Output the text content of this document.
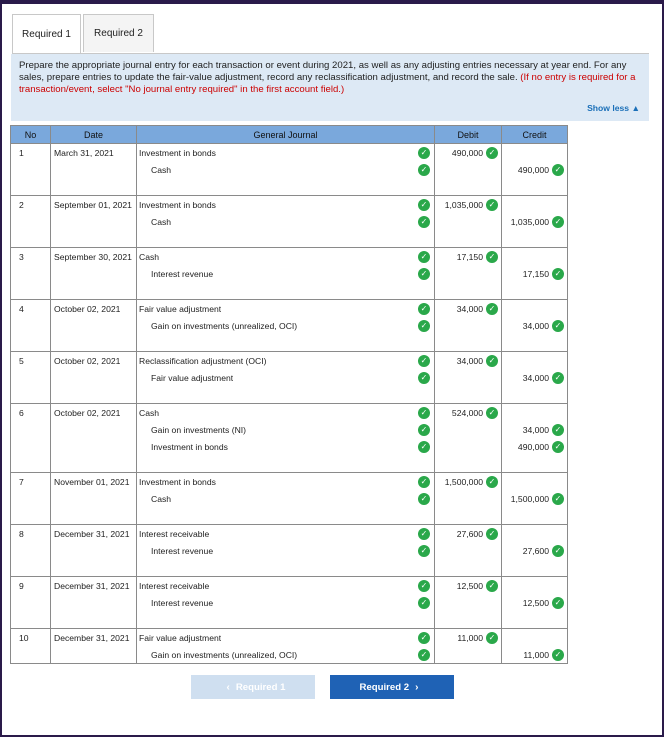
Required 1	Required 2
Prepare the appropriate journal entry for each transaction or event during 2021, as well as any adjusting entries necessary at year end. For any sales, prepare entries to update the fair-value adjustment, record any reclassification adjustment, and record the sale. (If no entry is required for a transaction/event, select "No journal entry required" in the first account field.)
Show less ▲
No	Date	General Journal	Debit	Credit
1	March 31, 2021	Investment in bonds ✓	490,000 ✓	

		Cash ✓		490,000 ✓

2	September 01, 2021	Investment in bonds ✓	1,035,000 ✓	

		Cash ✓		1,035,000 ✓

3	September 30, 2021	Cash ✓	17,150 ✓	

		Interest revenue ✓		17,150 ✓

4	October 02, 2021	Fair value adjustment ✓	34,000 ✓	

		Gain on investments (unrealized, OCI) ✓		34,000 ✓

5	October 02, 2021	Reclassification adjustment (OCI) ✓	34,000 ✓	

		Fair value adjustment ✓		34,000 ✓

6	October 02, 2021	Cash ✓	524,000 ✓	

		Gain on investments (NI) ✓		34,000 ✓

		Investment in bonds ✓		490,000 ✓

7	November 01, 2021	Investment in bonds ✓	1,500,000 ✓	

		Cash ✓		1,500,000 ✓

8	December 31, 2021	Interest receivable ✓	27,600 ✓	

		Interest revenue ✓		27,600 ✓

9	December 31, 2021	Interest receivable ✓	12,500 ✓	

		Interest revenue ✓		12,500 ✓

10	December 31, 2021	Fair value adjustment ✓	11,000 ✓	

		Gain on investments (unrealized, OCI) ✓		11,000 ✓
‹ Required 1	Required 2 ›
